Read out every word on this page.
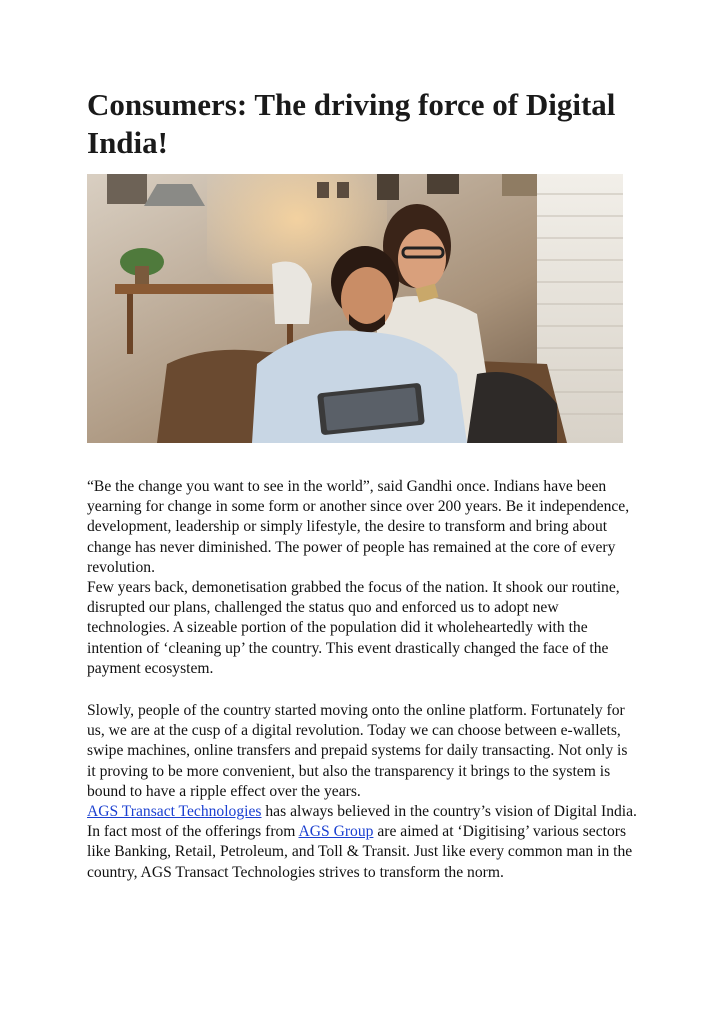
Consumers: The driving force of Digital India!

“Be the change you want to see in the world”, said Gandhi once. Indians have been yearning for change in some form or another since over 200 years. Be it independence, development, leadership or simply lifestyle, the desire to transform and bring about change has never diminished. The power of people has remained at the core of every revolution.

Few years back, demonetisation grabbed the focus of the nation. It shook our routine, disrupted our plans, challenged the status quo and enforced us to adopt new technologies. A sizeable portion of the population did it wholeheartedly with the intention of ‘cleaning up’ the country. This event drastically changed the face of the payment ecosystem.

Slowly, people of the country started moving onto the online platform. Fortunately for us, we are at the cusp of a digital revolution. Today we can choose between e-wallets, swipe machines, online transfers and prepaid systems for daily transacting. Not only is it proving to be more convenient, but also the transparency it brings to the system is bound to have a ripple effect over the years.

AGS Transact Technologies has always believed in the country’s vision of Digital India. In fact most of the offerings from AGS Group are aimed at ‘Digitising’ various sectors like Banking, Retail, Petroleum, and Toll & Transit. Just like every common man in the country, AGS Transact Technologies strives to transform the norm.
